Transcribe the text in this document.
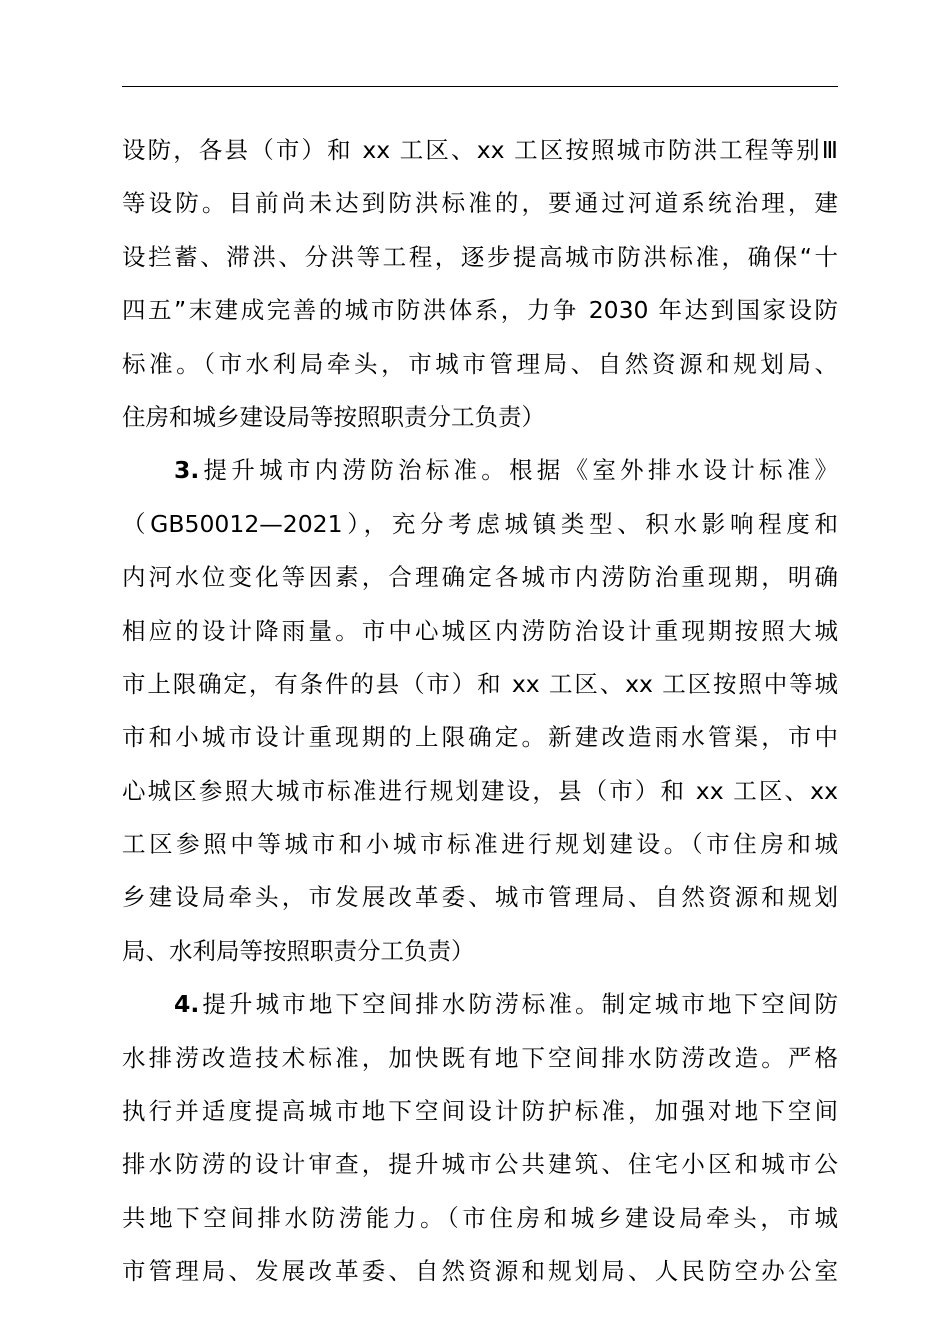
设防，各县（市）和 xx 工区、xx 工区按照城市防洪工程等别Ⅲ
等设防。目前尚未达到防洪标准的，要通过河道系统治理，建
设拦蓄、滞洪、分洪等工程，逐步提高城市防洪标准，确保“十
四五”末建成完善的城市防洪体系，力争 2030 年达到国家设防
标准。（市水利局牵头，市城市管理局、自然资源和规划局、
住房和城乡建设局等按照职责分工负责）
3.提升城市内涝防治标准。根据《室外排水设计标准》
（GB50012—2021），充分考虑城镇类型、积水影响程度和
内河水位变化等因素，合理确定各城市内涝防治重现期，明确
相应的设计降雨量。市中心城区内涝防治设计重现期按照大城
市上限确定，有条件的县（市）和 xx 工区、xx 工区按照中等城
市和小城市设计重现期的上限确定。新建改造雨水管渠，市中
心城区参照大城市标准进行规划建设，县（市）和 xx 工区、xx
工区参照中等城市和小城市标准进行规划建设。（市住房和城
乡建设局牵头，市发展改革委、城市管理局、自然资源和规划
局、水利局等按照职责分工负责）
4.提升城市地下空间排水防涝标准。制定城市地下空间防
水排涝改造技术标准，加快既有地下空间排水防涝改造。严格
执行并适度提高城市地下空间设计防护标准，加强对地下空间
排水防涝的设计审查，提升城市公共建筑、住宅小区和城市公
共地下空间排水防涝能力。（市住房和城乡建设局牵头，市城
市管理局、发展改革委、自然资源和规划局、人民防空办公室
